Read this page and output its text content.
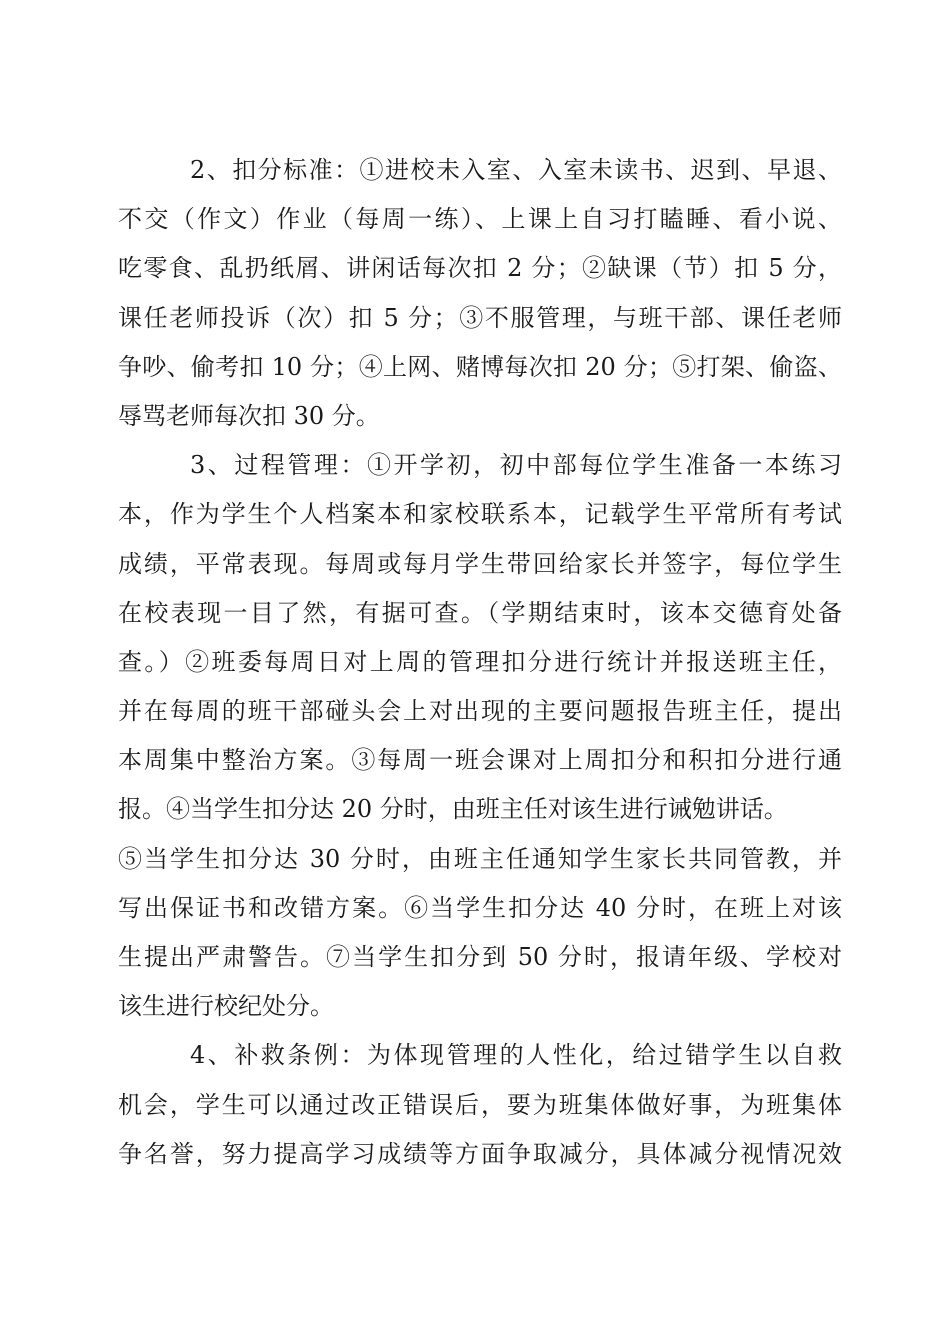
2、扣分标准：①进校未入室、入室未读书、迟到、早退、
不交（作文）作业（每周一练）、上课上自习打瞌睡、看小说、
吃零食、乱扔纸屑、讲闲话每次扣 2 分；②缺课（节）扣 5 分，
课任老师投诉（次）扣 5 分；③不服管理，与班干部、课任老师
争吵、偷考扣 10 分；④上网、赌博每次扣 20 分；⑤打架、偷盗、
辱骂老师每次扣 30 分。
3、过程管理：①开学初，初中部每位学生准备一本练习
本，作为学生个人档案本和家校联系本，记载学生平常所有考试
成绩，平常表现。每周或每月学生带回给家长并签字，每位学生
在校表现一目了然，有据可查。（学期结束时，该本交德育处备
查。）②班委每周日对上周的管理扣分进行统计并报送班主任，
并在每周的班干部碰头会上对出现的主要问题报告班主任，提出
本周集中整治方案。③每周一班会课对上周扣分和积扣分进行通
报。④当学生扣分达 20 分时，由班主任对该生进行诫勉讲话。
⑤当学生扣分达 30 分时，由班主任通知学生家长共同管教，并
写出保证书和改错方案。⑥当学生扣分达 40 分时，在班上对该
生提出严肃警告。⑦当学生扣分到 50 分时，报请年级、学校对
该生进行校纪处分。
4、补救条例：为体现管理的人性化，给过错学生以自救
机会，学生可以通过改正错误后，要为班集体做好事，为班集体
争名誉，努力提高学习成绩等方面争取减分，具体减分视情况效
